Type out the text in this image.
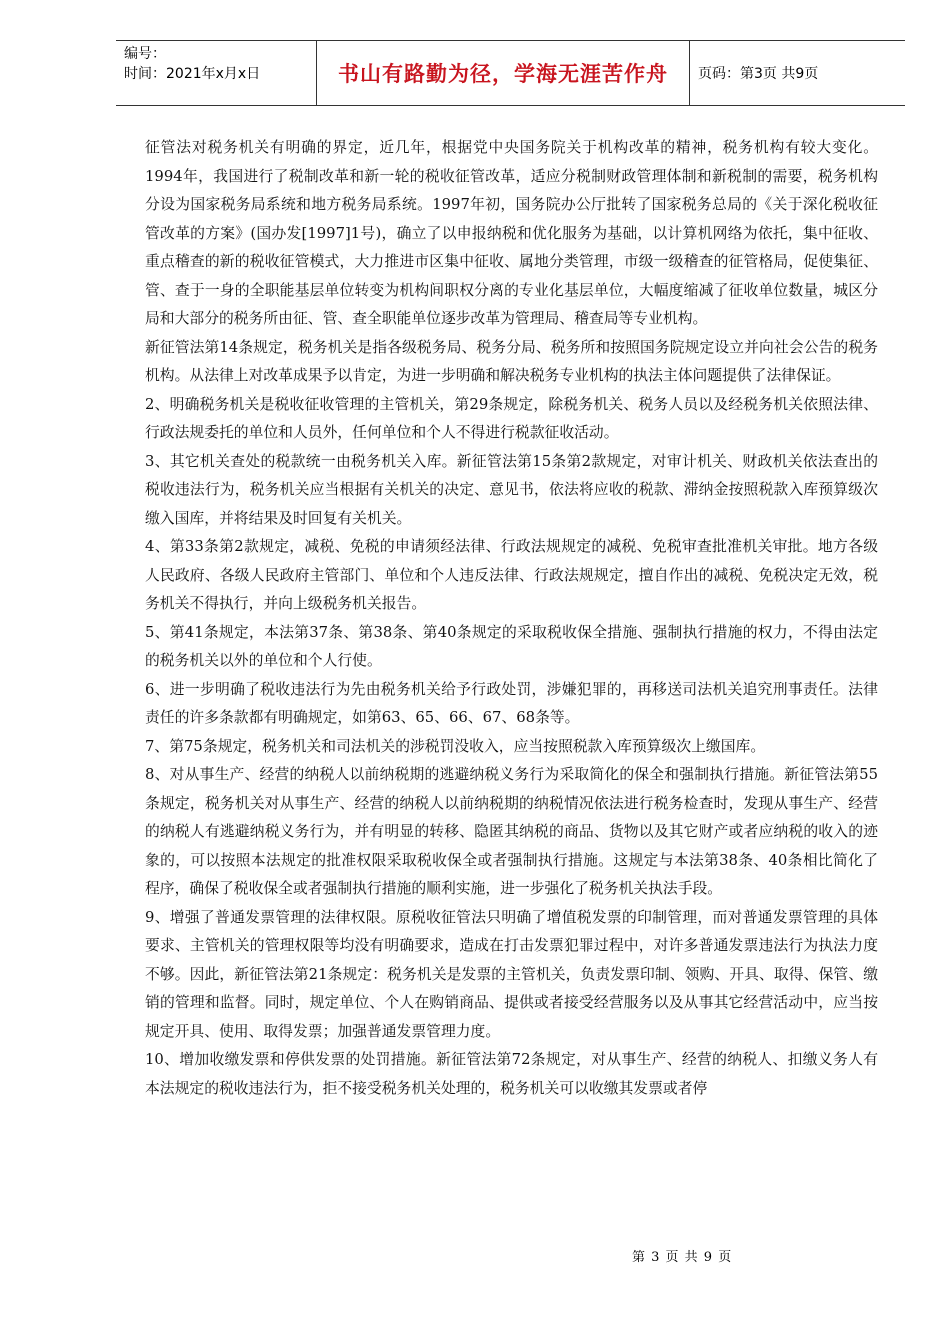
编号：
时间：2021年x月x日	书山有路勤为径，学海无涯苦作舟	页码：第3页 共9页

征管法对税务机关有明确的界定，近几年，根据党中央国务院关于机构改革的精神，税务机构有较大变化。1994年，我国进行了税制改革和新一轮的税收征管改革，适应分税制财政管理体制和新税制的需要，税务机构分设为国家税务局系统和地方税务局系统。1997年初，国务院办公厅批转了国家税务总局的《关于深化税收征管改革的方案》(国办发[1997]1号)，确立了以申报纳税和优化服务为基础，以计算机网络为依托，集中征收、重点稽查的新的税收征管模式，大力推进市区集中征收、属地分类管理，市级一级稽查的征管格局，促使集征、管、查于一身的全职能基层单位转变为机构间职权分离的专业化基层单位，大幅度缩减了征收单位数量，城区分局和大部分的税务所由征、管、查全职能单位逐步改革为管理局、稽查局等专业机构。

新征管法第14条规定，税务机关是指各级税务局、税务分局、税务所和按照国务院规定设立并向社会公告的税务机构。从法律上对改革成果予以肯定，为进一步明确和解决税务专业机构的执法主体问题提供了法律保证。

2、明确税务机关是税收征收管理的主管机关，第29条规定，除税务机关、税务人员以及经税务机关依照法律、行政法规委托的单位和人员外，任何单位和个人不得进行税款征收活动。

3、其它机关查处的税款统一由税务机关入库。新征管法第15条第2款规定，对审计机关、财政机关依法查出的税收违法行为，税务机关应当根据有关机关的决定、意见书，依法将应收的税款、滞纳金按照税款入库预算级次缴入国库，并将结果及时回复有关机关。

4、第33条第2款规定，减税、免税的申请须经法律、行政法规规定的减税、免税审查批准机关审批。地方各级人民政府、各级人民政府主管部门、单位和个人违反法律、行政法规规定，擅自作出的减税、免税决定无效，税务机关不得执行，并向上级税务机关报告。

5、第41条规定，本法第37条、第38条、第40条规定的采取税收保全措施、强制执行措施的权力，不得由法定的税务机关以外的单位和个人行使。

6、进一步明确了税收违法行为先由税务机关给予行政处罚，涉嫌犯罪的，再移送司法机关追究刑事责任。法律责任的许多条款都有明确规定，如第63、65、66、67、68条等。

7、第75条规定，税务机关和司法机关的涉税罚没收入，应当按照税款入库预算级次上缴国库。

8、对从事生产、经营的纳税人以前纳税期的逃避纳税义务行为采取简化的保全和强制执行措施。新征管法第55条规定，税务机关对从事生产、经营的纳税人以前纳税期的纳税情况依法进行税务检查时，发现从事生产、经营的纳税人有逃避纳税义务行为，并有明显的转移、隐匿其纳税的商品、货物以及其它财产或者应纳税的收入的迹象的，可以按照本法规定的批准权限采取税收保全或者强制执行措施。这规定与本法第38条、40条相比简化了程序，确保了税收保全或者强制执行措施的顺利实施，进一步强化了税务机关执法手段。

9、增强了普通发票管理的法律权限。原税收征管法只明确了增值税发票的印制管理，而对普通发票管理的具体要求、主管机关的管理权限等均没有明确要求，造成在打击发票犯罪过程中，对许多普通发票违法行为执法力度不够。因此，新征管法第21条规定：税务机关是发票的主管机关，负责发票印制、领购、开具、取得、保管、缴销的管理和监督。同时，规定单位、个人在购销商品、提供或者接受经营服务以及从事其它经营活动中，应当按规定开具、使用、取得发票；加强普通发票管理力度。

10、增加收缴发票和停供发票的处罚措施。新征管法第72条规定，对从事生产、经营的纳税人、扣缴义务人有本法规定的税收违法行为，拒不接受税务机关处理的，税务机关可以收缴其发票或者停

第 3 页 共 9 页
